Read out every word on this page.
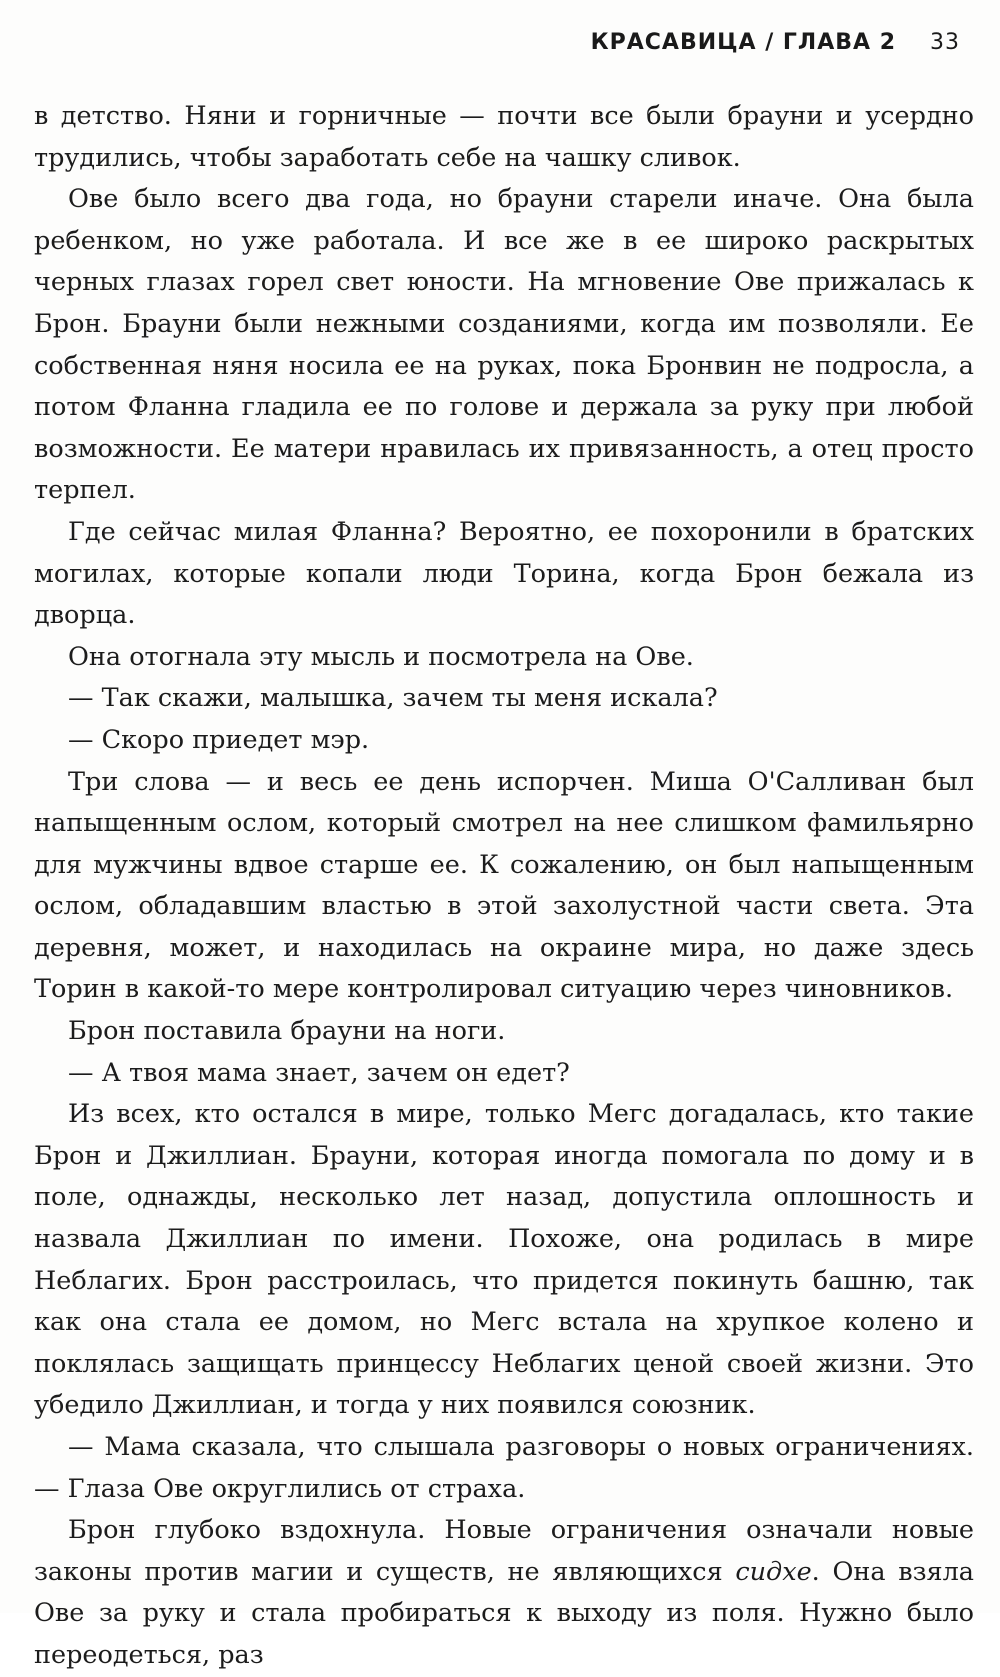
КРАСАВИЦА / ГЛАВА 2 33

в детство. Няни и горничные — почти все были брауни и усердно трудились, чтобы заработать себе на чашку сливок.

Ове было всего два года, но брауни старели иначе. Она была ребенком, но уже работала. И все же в ее широко раскрытых черных глазах горел свет юности. На мгновение Ове прижалась к Брон. Брауни были нежными созданиями, когда им позволяли. Ее собственная няня носила ее на руках, пока Бронвин не подросла, а потом Фланна гладила ее по голове и держала за руку при любой возможности. Ее матери нравилась их привязанность, а отец просто терпел.

Где сейчас милая Фланна? Вероятно, ее похоронили в братских могилах, которые копали люди Торина, когда Брон бежала из дворца.

Она отогнала эту мысль и посмотрела на Ове.

— Так скажи, малышка, зачем ты меня искала?

— Скоро приедет мэр.

Три слова — и весь ее день испорчен. Миша О'Салливан был напыщенным ослом, который смотрел на нее слишком фамильярно для мужчины вдвое старше ее. К сожалению, он был напыщенным ослом, обладавшим властью в этой захолустной части света. Эта деревня, может, и находилась на окраине мира, но даже здесь Торин в какой-то мере контролировал ситуацию через чиновников.

Брон поставила брауни на ноги.

— А твоя мама знает, зачем он едет?

Из всех, кто остался в мире, только Мегс догадалась, кто такие Брон и Джиллиан. Брауни, которая иногда помогала по дому и в поле, однажды, несколько лет назад, допустила оплошность и назвала Джиллиан по имени. Похоже, она родилась в мире Неблагих. Брон расстроилась, что придется покинуть башню, так как она стала ее домом, но Мегс встала на хрупкое колено и поклялась защищать принцессу Неблагих ценой своей жизни. Это убедило Джиллиан, и тогда у них появился союзник.

— Мама сказала, что слышала разговоры о новых ограничениях. — Глаза Ове округлились от страха.

Брон глубоко вздохнула. Новые ограничения означали новые законы против магии и существ, не являющихся сидхе. Она взяла Ове за руку и стала пробираться к выходу из поля. Нужно было переодеться, раз
